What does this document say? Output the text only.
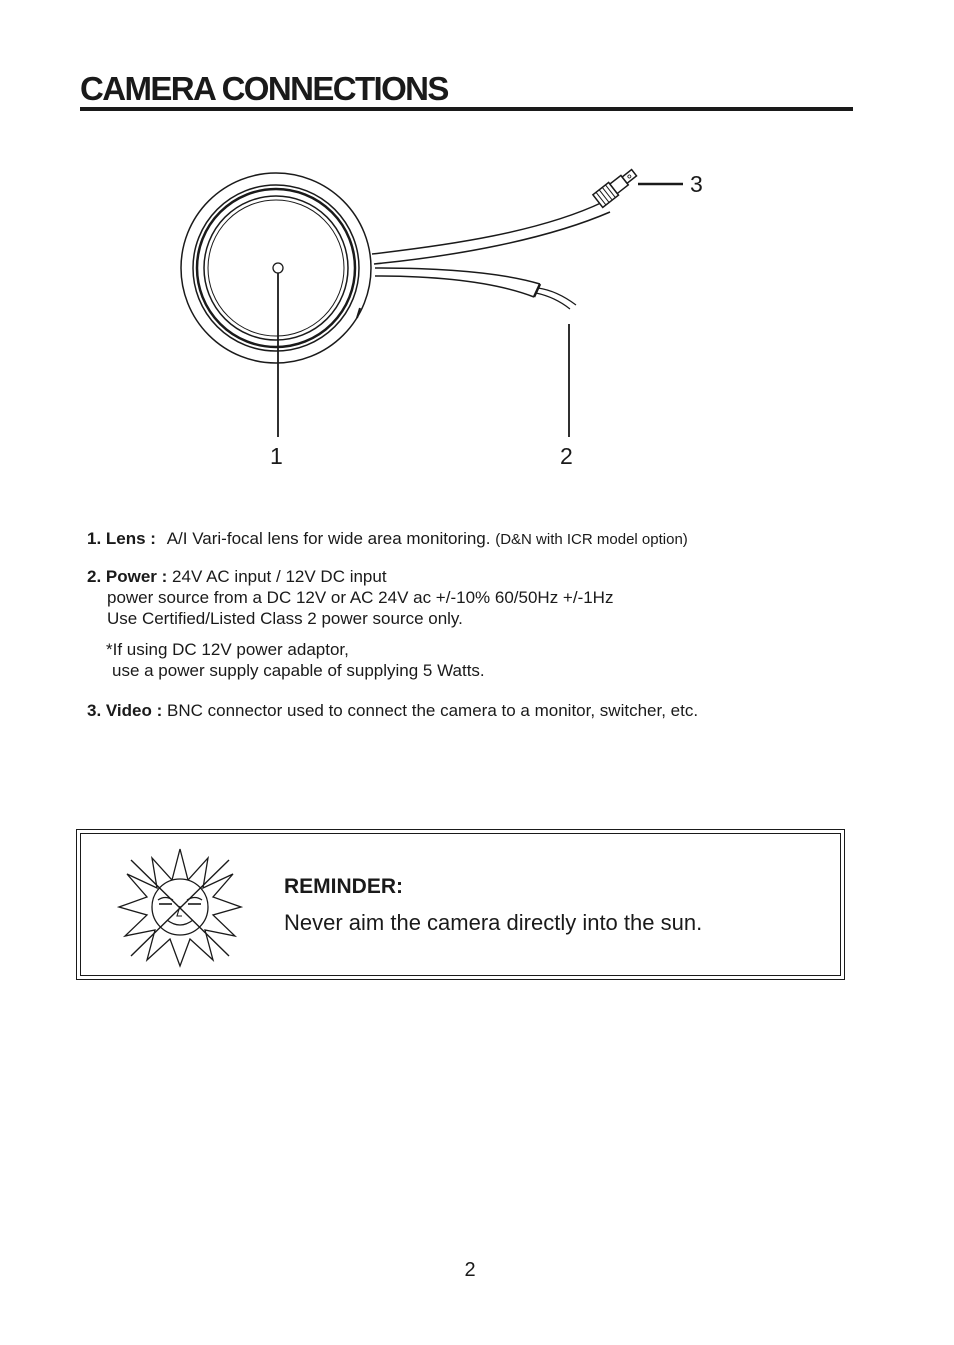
CAMERA CONNECTIONS
1	2
3
1. Lens : A/I Vari-focal lens for wide area monitoring. (D&N with ICR model option)
2. Power : 24V AC input / 12V DC input
power source from a DC 12V or AC 24V ac +/-10% 60/50Hz +/-1Hz
Use Certified/Listed Class 2 power source only.
*If using DC 12V power adaptor,
use a power supply capable of supplying 5 Watts.
3. Video : BNC connector used to connect the camera to a monitor, switcher, etc.
REMINDER:
Never aim the camera directly into the sun.
2
